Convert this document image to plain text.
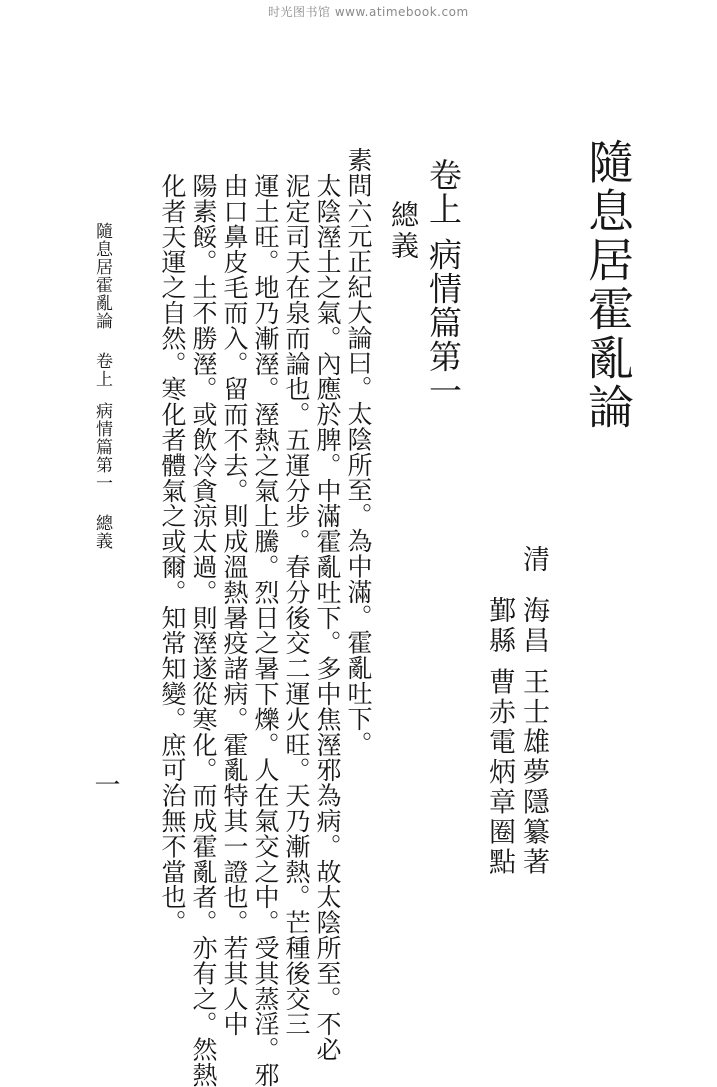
时光图书馆 www.atimebook.com
隨息居霍亂論
清
海昌 王士雄夢隱纂著
鄞縣 曹赤電炳章圈點
卷上 病情篇第一
總義
素問六元正紀大論曰。太陰所至。為中滿。霍亂吐下。
太陰溼土之氣。內應於脾。中滿霍亂吐下。多中焦溼邪為病。故太陰所至。不必
泥定司天在泉而論也。五運分步。春分後交二運火旺。天乃漸熱。芒種後交三
運土旺。地乃漸溼。溼熱之氣上騰。烈日之暑下爍。人在氣交之中。受其蒸淫。邪
由口鼻皮毛而入。留而不去。則成溫熱暑疫諸病。霍亂特其一證也。若其人中
陽素餒。土不勝溼。或飲冷貪涼太過。則溼遂從寒化。而成霍亂者。亦有之。然熱
化者天運之自然。寒化者體氣之或爾。知常知變。庶可治無不當也。
隨息居霍亂論卷上病情篇第一總義
一
